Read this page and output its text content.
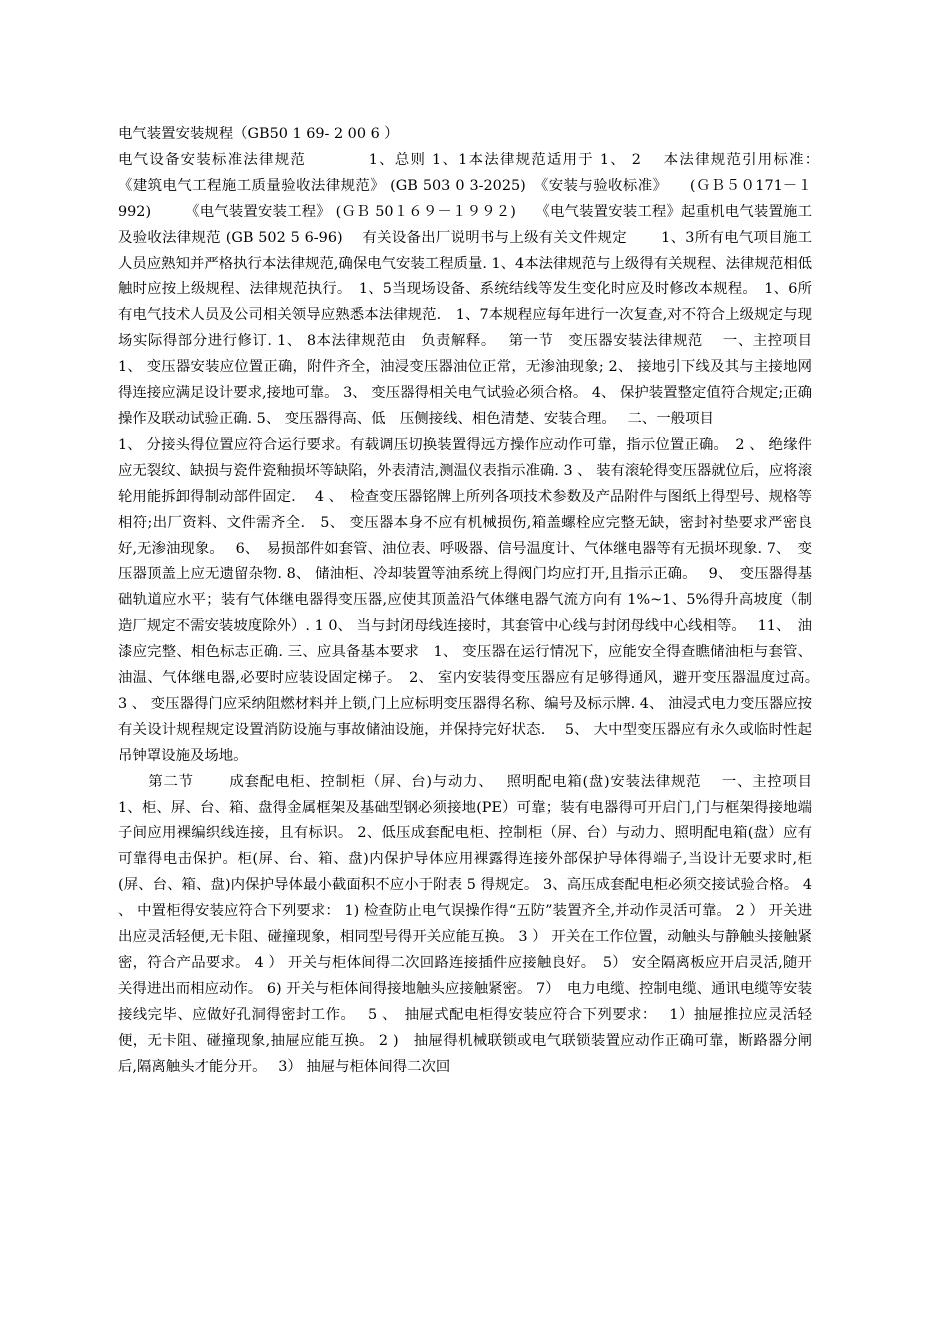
电气装置安装规程（GB50 1 69- 2 00 6 ）

电气设备安装标准法律规范　　　　1、总则 1、1本法律规范适用于 1、 2　 本法律规范引用标准：　　 《建筑电气工程施工质量验收法律规范》 (GB 503 0 3-2025)　《安装与验收标准》　　(ＧＢ５０171－１992)　　 《电气装置安装工程》 (ＧＢ 50１６９－１９９２)　 《电气装置安装工程》起重机电气装置施工及验收法律规范 (GB 502 5 6-96)　 有关设备出厂说明书与上级有关文件规定　　 1、3所有电气项目施工人员应熟知并严格执行本法律规范,确保电气安装工程质量. 1、4本法律规范与上级得有关规程、法律规范相低触时应按上级规程、法律规范执行。　1、5当现场设备、系统结线等发生变化时应及时修改本规程。　1、6所有电气技术人员及公司相关领导应熟悉本法律规范.　1、7本规程应每年进行一次复查,对不符合上级规定与现场实际得部分进行修订. 1、 8本法律规范由　负责解释。　 第一节　变压器安装法律规范　 一、主控项目 1、 变压器安装应位置正确，附件齐全，油浸变压器油位正常，无渗油现象; 2、 接地引下线及其与主接地网得连接应满足设计要求,接地可靠。 3、 变压器得相关电气试验必须合格。 4、 保护装置整定值符合规定;正确操作及联动试验正确. 5、 变压器得高、低　压侧接线、相色清楚、安装合理。　 二、一般项目

1、 分接头得位置应符合运行要求。有载调压切换装置得远方操作应动作可靠，指示位置正确。　2 、 绝缘件应无裂纹、缺损与瓷件瓷釉损坏等缺陷，外表清洁,测温仪表指示准确. 3 、 装有滚轮得变压器就位后，应将滚轮用能拆卸得制动部件固定.　 4 、　检查变压器铭牌上所列各项技术参数及产品附件与图纸上得型号、规格等相符;出厂资料、文件需齐全.　5、 变压器本身不应有机械损伤,箱盖螺栓应完整无缺，密封衬垫要求严密良好,无渗油现象。　 6、　易损部件如套管、油位表、呼吸器、信号温度计、气体继电器等有无损坏现象. 7、　变压器顶盖上应无遗留杂物. 8、 储油柜、冷却装置等油系统上得阀门均应打开,且指示正确。　 9、　变压器得基础轨道应水平；装有气体继电器得变压器,应使其顶盖沿气体继电器气流方向有 1%~1、5%得升高坡度（制造厂规定不需安装坡度除外）. 1 0、 当与封闭母线连接时，其套管中心线与封闭母线中心线相等。　 11、　油漆应完整、相色标志正确. 三、应具备基本要求　1、 变压器在运行情况下，应能安全得查瞧储油柜与套管、油温、气体继电器,必要时应装设固定梯子。　2、 室内安装得变压器应有足够得通风，避开变压器温度过高。　 3 、 变压器得门应采纳阻燃材料并上锁,门上应标明变压器得名称、编号及标示牌. 4、 油浸式电力变压器应按有关设计规程规定设置消防设施与事故储油设施，并保持完好状态.　 5、 大中型变压器应有永久或临时性起吊钟罩设施及场地。

　　第二节　　 成套配电柜、控制柜（屏、台)与动力、　 照明配电箱(盘)安装法律规范　 一、主控项目　 1、柜、屏、台、箱、盘得金属框架及基础型钢必须接地(PE）可靠；装有电器得可开启门,门与框架得接地端子间应用裸编织线连接，且有标识。 2、低压成套配电柜、控制柜（屏、台）与动力、照明配电箱(盘）应有可靠得电击保护。柜(屏、台、箱、盘)内保护导体应用裸露得连接外部保护导体得端子,当设计无要求时,柜(屏、台、箱、盘)内保护导体最小截面积不应小于附表 5 得规定。 3、高压成套配电柜必须交接试验合格。 4 、 中置柜得安装应符合下列要求： 1) 检查防止电气误操作得“五防”装置齐全,并动作灵活可靠。 2 ） 开关进出应灵活轻便,无卡阻、碰撞现象，相同型号得开关应能互换。 3 ） 开关在工作位置，动触头与静触头接触紧密，符合产品要求。 4 ） 开关与柜体间得二次回路连接插件应接触良好。　5） 安全隔离板应开启灵活,随开关得进出而相应动作。 6) 开关与柜体间得接地触头应接触紧密。 7）　电力电缆、控制电缆、通讯电缆等安装接线完毕、应做好孔洞得密封工作。　 5 、　抽屉式配电柜得安装应符合下列要求：　 1）抽屉推拉应灵活轻便，无卡阻、碰撞现象,抽屉应能互换。 2 )　抽屉得机械联锁或电气联锁装置应动作正确可靠，断路器分闸后,隔离触头才能分开。　 3） 抽屉与柜体间得二次回
